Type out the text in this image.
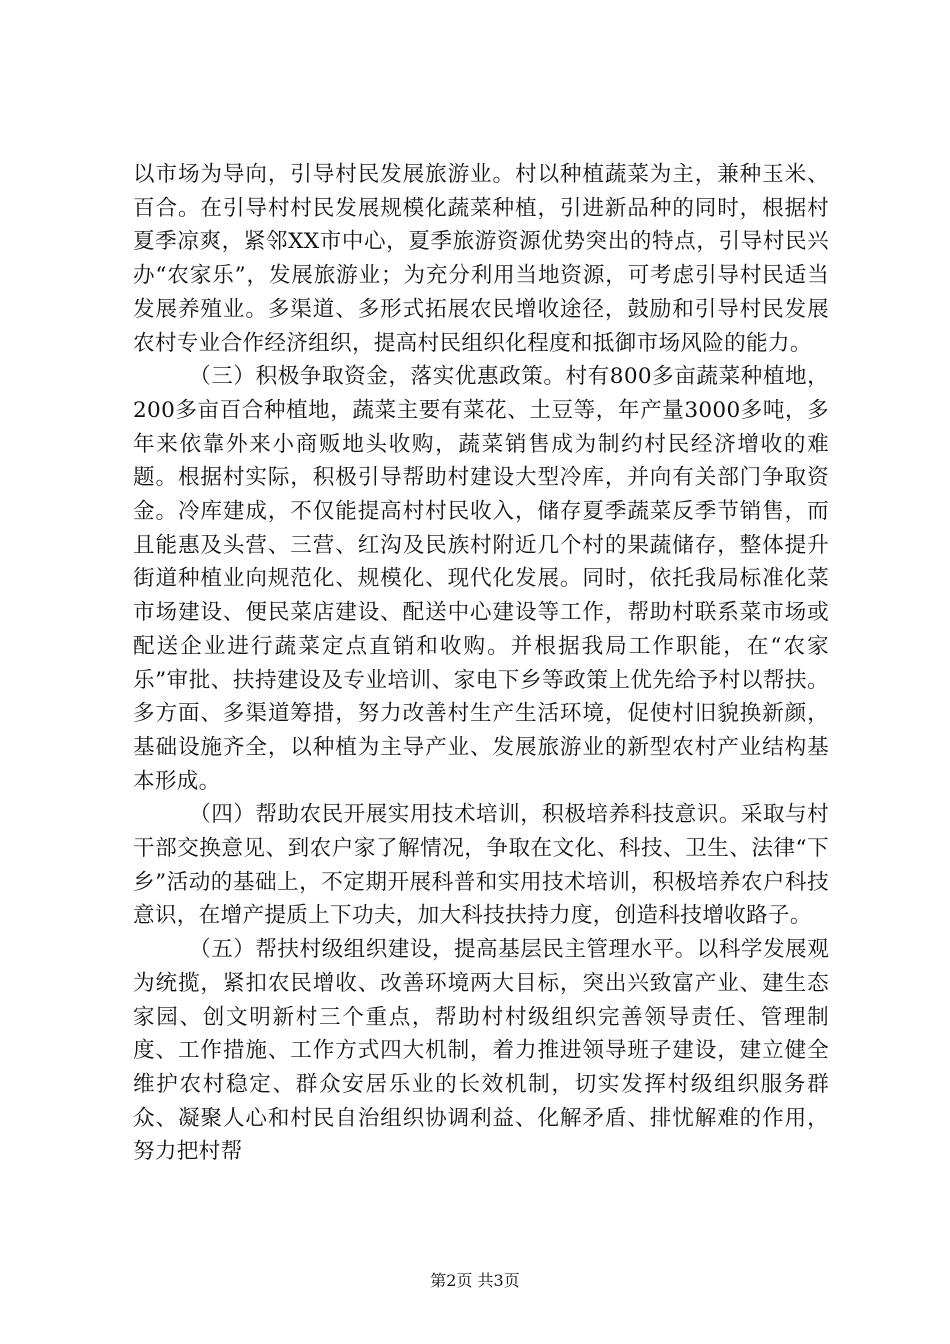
以市场为导向，引导村民发展旅游业。村以种植蔬菜为主，兼种玉米、百合。在引导村村民发展规模化蔬菜种植，引进新品种的同时，根据村夏季凉爽，紧邻XX市中心，夏季旅游资源优势突出的特点，引导村民兴办“农家乐”，发展旅游业；为充分利用当地资源，可考虑引导村民适当发展养殖业。多渠道、多形式拓展农民增收途径，鼓励和引导村民发展农村专业合作经济组织，提高村民组织化程度和抵御市场风险的能力。

（三）积极争取资金，落实优惠政策。村有800多亩蔬菜种植地，200多亩百合种植地，蔬菜主要有菜花、土豆等，年产量3000多吨，多年来依靠外来小商贩地头收购，蔬菜销售成为制约村民经济增收的难题。根据村实际，积极引导帮助村建设大型冷库，并向有关部门争取资金。冷库建成，不仅能提高村村民收入，储存夏季蔬菜反季节销售，而且能惠及头营、三营、红沟及民族村附近几个村的果蔬储存，整体提升街道种植业向规范化、规模化、现代化发展。同时，依托我局标准化菜市场建设、便民菜店建设、配送中心建设等工作，帮助村联系菜市场或配送企业进行蔬菜定点直销和收购。并根据我局工作职能，在“农家乐”审批、扶持建设及专业培训、家电下乡等政策上优先给予村以帮扶。多方面、多渠道筹措，努力改善村生产生活环境，促使村旧貌换新颜，基础设施齐全，以种植为主导产业、发展旅游业的新型农村产业结构基本形成。

（四）帮助农民开展实用技术培训，积极培养科技意识。采取与村干部交换意见、到农户家了解情况，争取在文化、科技、卫生、法律“下乡”活动的基础上，不定期开展科普和实用技术培训，积极培养农户科技意识，在增产提质上下功夫，加大科技扶持力度，创造科技增收路子。

（五）帮扶村级组织建设，提高基层民主管理水平。以科学发展观为统揽，紧扣农民增收、改善环境两大目标，突出兴致富产业、建生态家园、创文明新村三个重点，帮助村村级组织完善领导责任、管理制度、工作措施、工作方式四大机制，着力推进领导班子建设，建立健全维护农村稳定、群众安居乐业的长效机制，切实发挥村级组织服务群众、凝聚人心和村民自治组织协调利益、化解矛盾、排忧解难的作用，努力把村帮

第2页 共3页
